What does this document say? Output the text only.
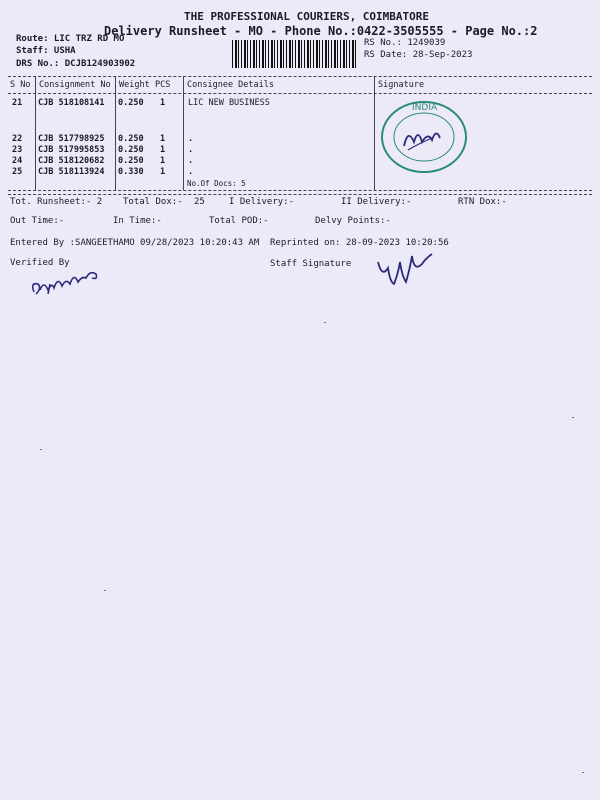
THE PROFESSIONAL COURIERS, COIMBATORE
Delivery Runsheet - MO - Phone No.:0422-3505555 - Page No.:2
Route: LIC TRZ RD MO
Staff: USHA
DRS No.: DCJB124903902
RS No.: 1249039
RS Date: 28-Sep-2023
S No Consignment No Weight PCS Consignee Details	Signature
21 CJB 518108141 0.250 1	LIC NEW BUSINESS
22 CJB 517798925 0.250 1	.
23 CJB 517995853 0.250 1	.
24 CJB 518120682 0.250 1	.
25 CJB 518113924 0.330 1	.
No.Of Docs: 5
INDIA
Tot. Runsheet:- 2 Total Dox:- 25	I Delivery:-	II Delivery:-	RTN Dox:-
Out Time:-	In Time:-	Total POD:-	Delvy Points:-
Entered By :SANGEETHAMO 09/28/2023 10:20:43 AM Reprinted on: 28-09-2023 10:20:56
Verified By	Staff Signature
